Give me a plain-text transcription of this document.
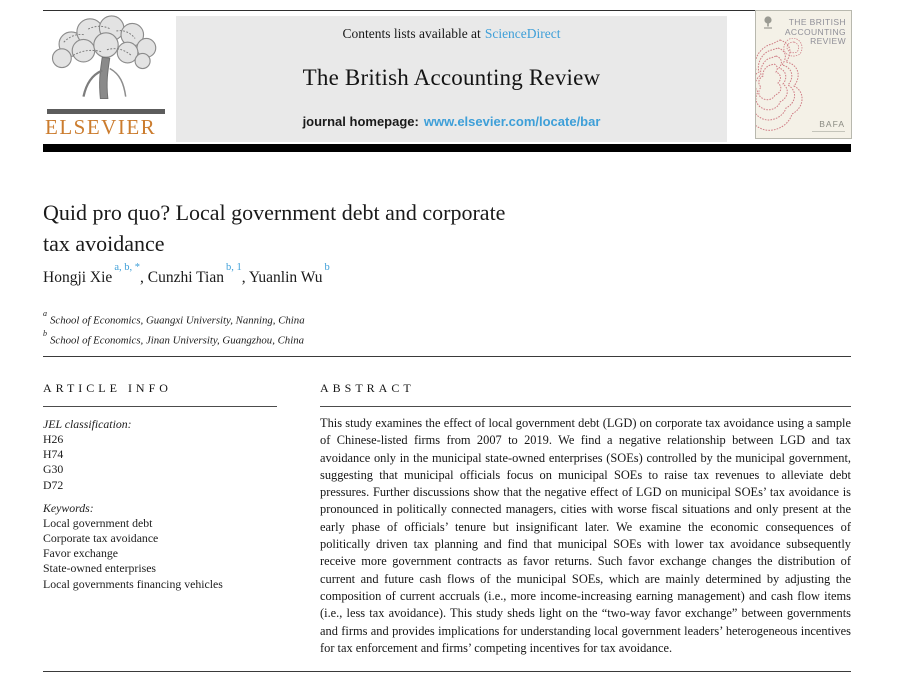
ELSEVIER
Contents lists available at ScienceDirect
The British Accounting Review
journal homepage: www.elsevier.com/locate/bar
THE BRITISH
ACCOUNTING
REVIEW
BAFA
Quid pro quo? Local government debt and corporate
tax avoidance
Hongji Xie$^{a, b, *}$, Cunzhi Tian$^{b, 1}$, Yuanlin Wu$^b$
$^a$School of Economics, Guangxi University, Nanning, China
$^b$School of Economics, Jinan University, Guangzhou, China
ARTICLE INFO
JEL classification:
H26
H74
G30
D72
Keywords:
Local government debt
Corporate tax avoidance
Favor exchange
State-owned enterprises
Local governments financing vehicles
ABSTRACT
This study examines the effect of local government debt (LGD) on corporate tax avoidance using a sample of Chinese-listed firms from 2007 to 2019. We find a negative relationship between LGD and tax avoidance only in the municipal state-owned enterprises (SOEs) controlled by the municipal government, suggesting that municipal officials focus on municipal SOEs to raise tax revenues to alleviate debt pressures. Further discussions show that the negative effect of LGD on municipal SOEs’ tax avoidance is pronounced in politically connected managers, cities with worse fiscal situations and only present at the early phase of officials’ tenure but insignificant later. We examine the economic consequences of politically driven tax planning and find that municipal SOEs with lower tax avoidance subsequently receive more government contracts as favor returns. Such favor exchange changes the distribution of current and future cash flows of the municipal SOEs, which are mainly determined by adjusting the composition of current accruals (i.e., more income-increasing earning management) and cash flow items (i.e., less tax avoidance). This study sheds light on the “two-way favor exchange” between governments and firms and provides implications for understanding local government leaders’ heterogeneous incentives for tax enforcement and firms’ competing incentives for tax avoidance.
